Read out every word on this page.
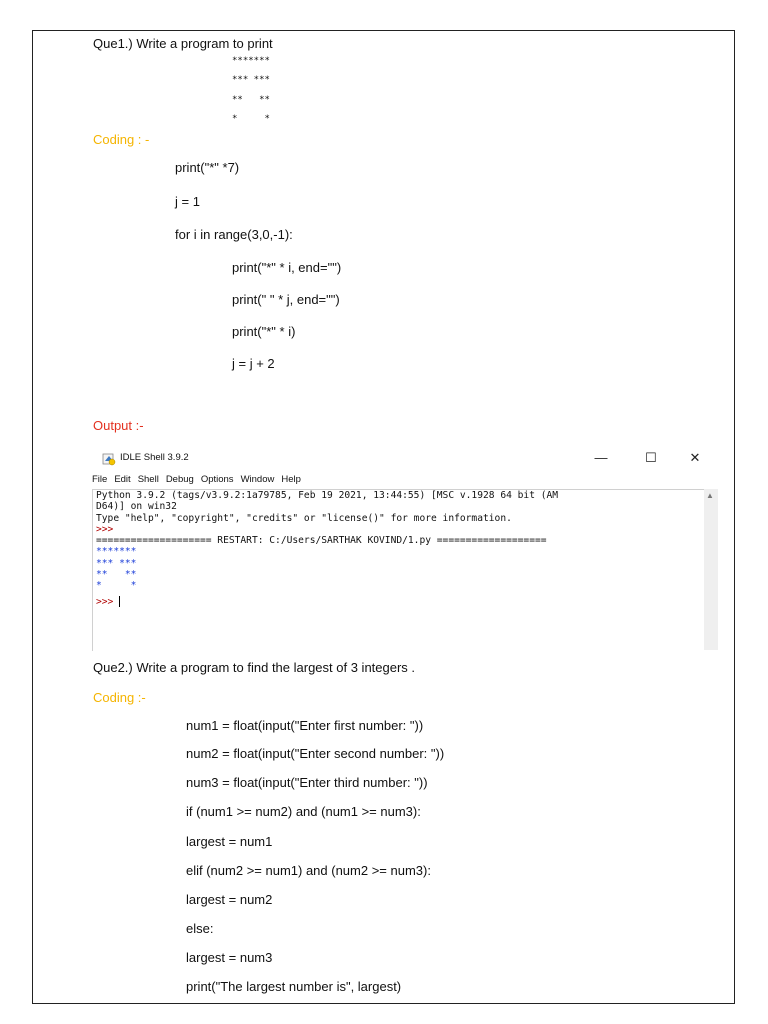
Que1.) Write a program to print
*******
*** ***
**   **
*     *
Coding : -
print("*" *7)
j = 1
for i in range(3,0,-1):
print("*" * i, end="")
print(" " * j, end="")
print("*" * i)
j = j + 2
Output :-
IDLE Shell 3.9.2	—	☐	✕
File Edit Shell Debug Options Window Help
Python 3.9.2 (tags/v3.9.2:1a79785, Feb 19 2021, 13:44:55) [MSC v.1928 64 bit (AM
D64)] on win32
Type "help", "copyright", "credits" or "license()" for more information.
>>>
==================== RESTART: C:/Users/SARTHAK KOVIND/1.py ===================
*******
*** ***
**   **
*     *
>>>
▲
Que2.) Write a program to find the largest of 3 integers .
Coding :-
num1 = float(input("Enter first number: "))
num2 = float(input("Enter second number: "))
num3 = float(input("Enter third number: "))
if (num1 >= num2) and (num1 >= num3):
largest = num1
elif (num2 >= num1) and (num2 >= num3):
largest = num2
else:
largest = num3
print("The largest number is", largest)
